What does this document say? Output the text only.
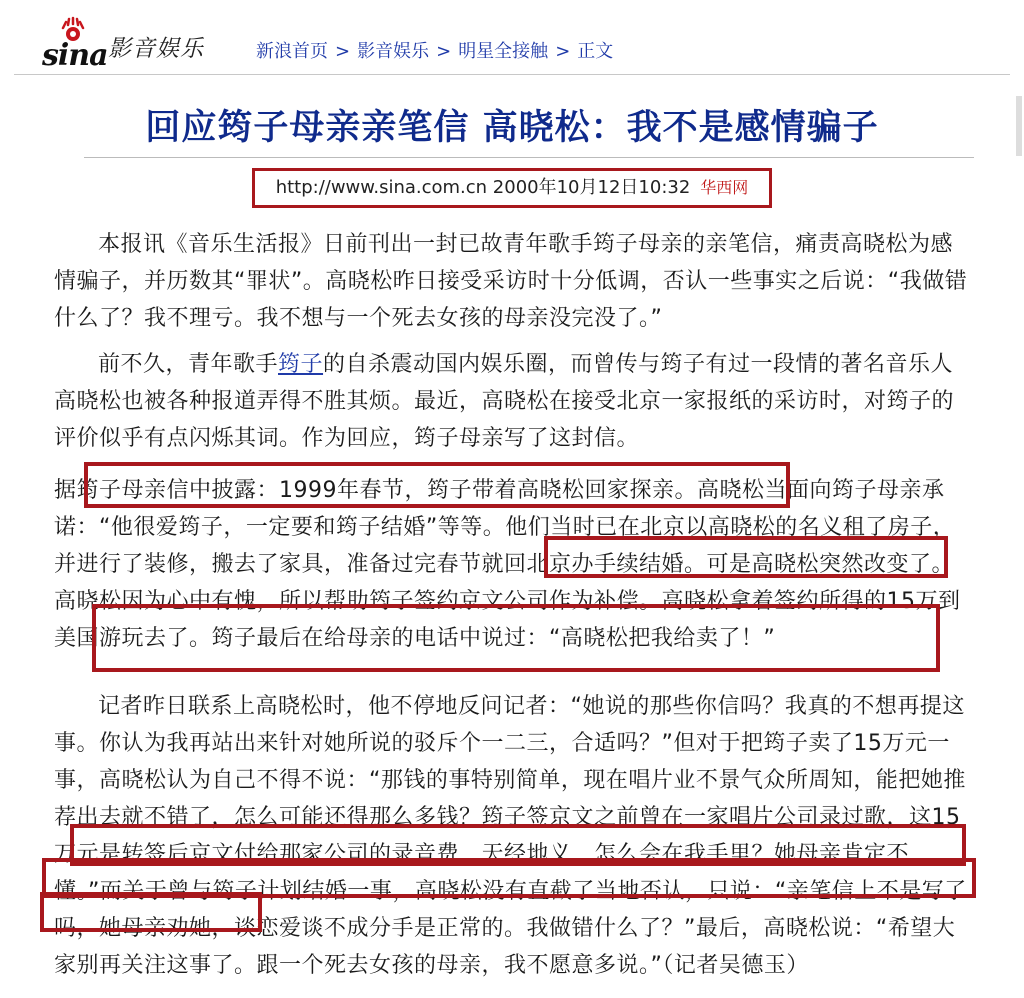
sina 影音娱乐	新浪首页 > 影音娱乐 > 明星全接触 > 正文
回应筠子母亲亲笔信 高晓松：我不是感情骗子
http://www.sina.com.cn 2000年10月12日10:32 华西网
本报讯《音乐生活报》日前刊出一封已故青年歌手筠子母亲的亲笔信，痛责高晓松为感情骗子，并历数其“罪状”。高晓松昨日接受采访时十分低调，否认一些事实之后说：“我做错什么了？我不理亏。我不想与一个死去女孩的母亲没完没了。”
前不久，青年歌手筠子的自杀震动国内娱乐圈，而曾传与筠子有过一段情的著名音乐人高晓松也被各种报道弄得不胜其烦。最近，高晓松在接受北京一家报纸的采访时，对筠子的评价似乎有点闪烁其词。作为回应，筠子母亲写了这封信。
据筠子母亲信中披露：1999年春节，筠子带着高晓松回家探亲。高晓松当面向筠子母亲承诺：“他很爱筠子，一定要和筠子结婚”等等。他们当时已在北京以高晓松的名义租了房子，并进行了装修，搬去了家具，准备过完春节就回北京办手续结婚。可是高晓松突然改变了。高晓松因为心中有愧，所以帮助筠子签约京文公司作为补偿。高晓松拿着签约所得的15万到美国游玩去了。筠子最后在给母亲的电话中说过：“高晓松把我给卖了！”
记者昨日联系上高晓松时，他不停地反问记者：“她说的那些你信吗？我真的不想再提这事。你认为我再站出来针对她所说的驳斥个一二三，合适吗？”但对于把筠子卖了15万元一事，高晓松认为自己不得不说：“那钱的事特别简单，现在唱片业不景气众所周知，能把她推荐出去就不错了，怎么可能还得那么多钱？筠子签京文之前曾在一家唱片公司录过歌，这15万元是转签后京文付给那家公司的录音费，天经地义，怎么会在我手里？她母亲肯定不懂。”而关于曾与筠子计划结婚一事，高晓松没有直截了当地否认，只说：“亲笔信上不是写了吗，她母亲劝她，谈恋爱谈不成分手是正常的。我做错什么了？”最后，高晓松说：“希望大家别再关注这事了。跟一个死去女孩的母亲，我不愿意多说。”（记者吴德玉）
